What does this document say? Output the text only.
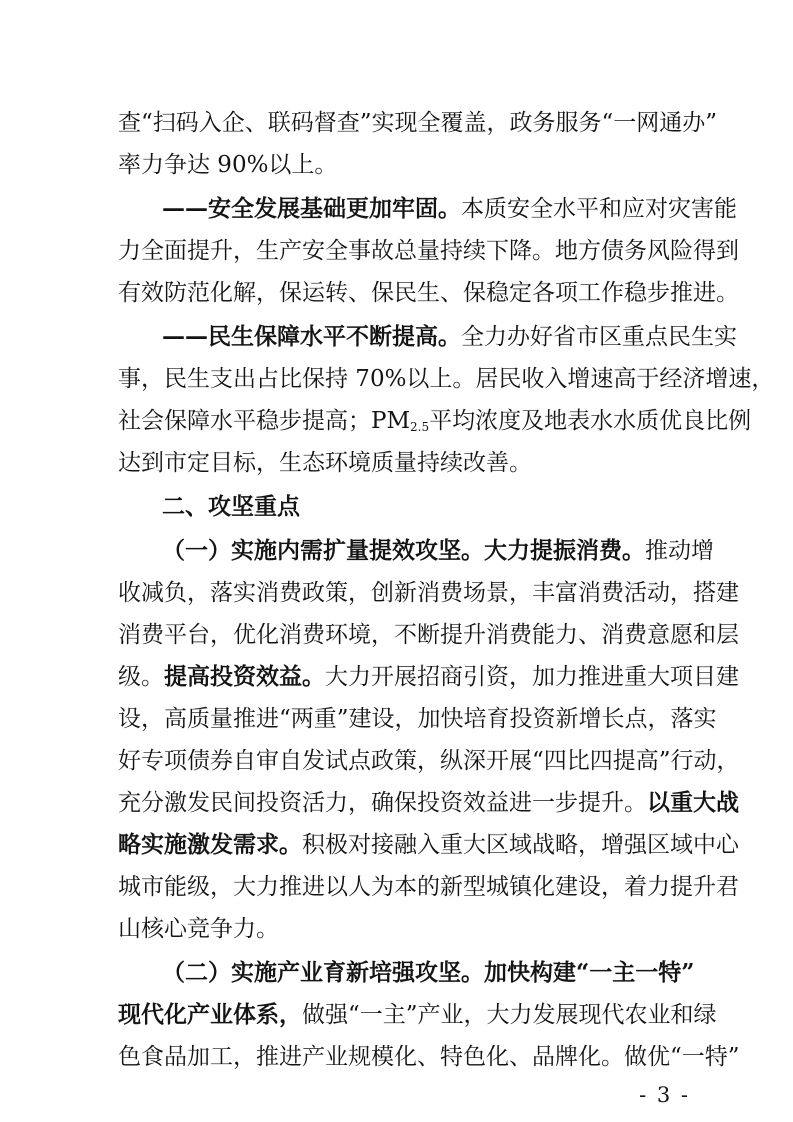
查“扫码入企、联码督查”实现全覆盖，政务服务“一网通办”
率力争达 90%以上。
——安全发展基础更加牢固。本质安全水平和应对灾害能
力全面提升，生产安全事故总量持续下降。地方债务风险得到
有效防范化解，保运转、保民生、保稳定各项工作稳步推进。
——民生保障水平不断提高。全力办好省市区重点民生实
事，民生支出占比保持 70%以上。居民收入增速高于经济增速，
社会保障水平稳步提高；$PM_{2.5}$平均浓度及地表水水质优良比例
达到市定目标，生态环境质量持续改善。
二、攻坚重点
（一）实施内需扩量提效攻坚。大力提振消费。推动增
收减负，落实消费政策，创新消费场景，丰富消费活动，搭建
消费平台，优化消费环境，不断提升消费能力、消费意愿和层
级。提高投资效益。大力开展招商引资，加力推进重大项目建
设，高质量推进“两重”建设，加快培育投资新增长点，落实
好专项债券自审自发试点政策，纵深开展“四比四提高”行动，
充分激发民间投资活力，确保投资效益进一步提升。以重大战
略实施激发需求。积极对接融入重大区域战略，增强区域中心
城市能级，大力推进以人为本的新型城镇化建设，着力提升君
山核心竞争力。
（二）实施产业育新培强攻坚。加快构建“一主一特”
现代化产业体系，做强“一主”产业，大力发展现代农业和绿
色食品加工，推进产业规模化、特色化、品牌化。做优“一特”
- 3 -
